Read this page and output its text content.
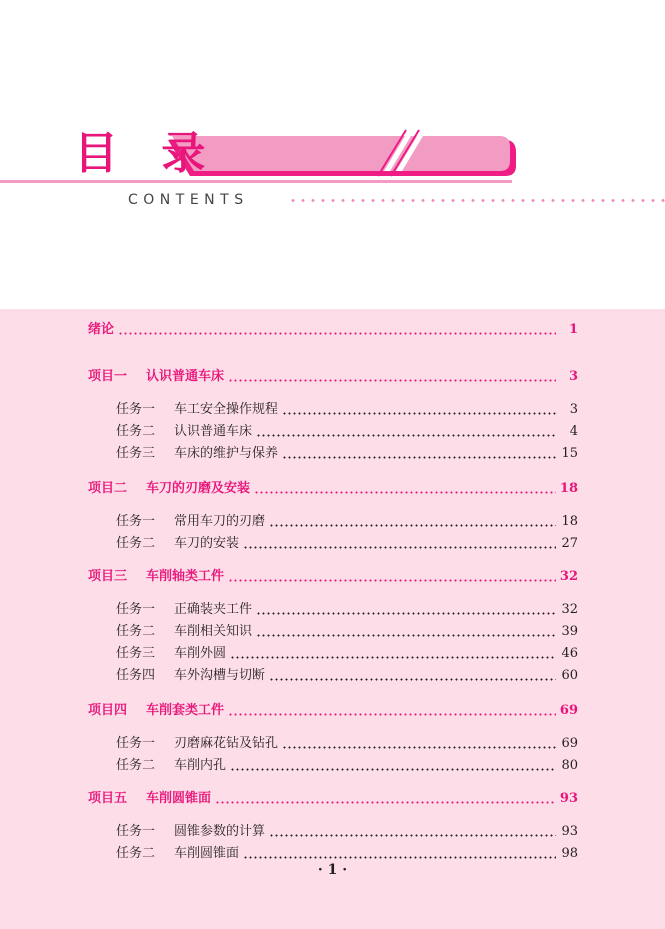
目 录
CONTENTS
绪论	1
项目一	认识普通车床	3
任务一	车工安全操作规程	3
任务二	认识普通车床	4
任务三	车床的维护与保养	15
项目二	车刀的刃磨及安装	18
任务一	常用车刀的刃磨	18
任务二	车刀的安装	27
项目三	车削轴类工件	32
任务一	正确装夹工件	32
任务二	车削相关知识	39
任务三	车削外圆	46
任务四	车外沟槽与切断	60
项目四	车削套类工件	69
任务一	刃磨麻花钻及钻孔	69
任务二	车削内孔	80
项目五	车削圆锥面	93
任务一	圆锥参数的计算	93
任务二	车削圆锥面	98
· 1 ·
